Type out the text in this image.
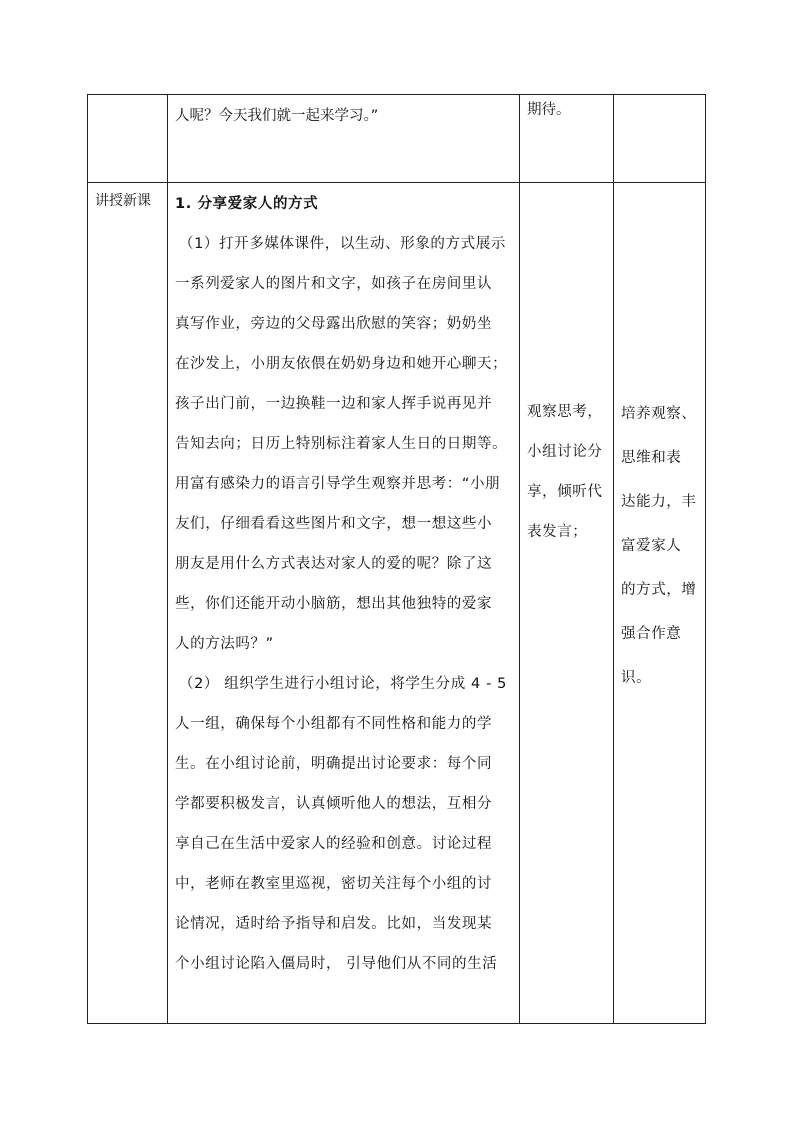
人呢？今天我们就一起来学习。”	期待。
讲授新课 1. 分享爱家人的方式
（1）打开多媒体课件，以生动、形象的方式展示
一系列爱家人的图片和文字，如孩子在房间里认
真写作业，旁边的父母露出欣慰的笑容；奶奶坐
在沙发上，小朋友依偎在奶奶身边和她开心聊天；
孩子出门前，一边换鞋一边和家人挥手说再见并
告知去向；日历上特别标注着家人生日的日期等。
用富有感染力的语言引导学生观察并思考：“小朋
友们，仔细看看这些图片和文字，想一想这些小
朋友是用什么方式表达对家人的爱的呢？除了这
些，你们还能开动小脑筋，想出其他独特的爱家
人的方法吗？”
（2） 组织学生进行小组讨论，将学生分成 4 - 5
人一组，确保每个小组都有不同性格和能力的学
生。在小组讨论前，明确提出讨论要求：每个同
学都要积极发言，认真倾听他人的想法，互相分
享自己在生活中爱家人的经验和创意。讨论过程
中，老师在教室里巡视，密切关注每个小组的讨
论情况，适时给予指导和启发。比如，当发现某
个小组讨论陷入僵局时， 引导他们从不同的生活
观察思考，
小组讨论分
享，倾听代
表发言；
培养观察、
思维和表
达能力，丰
富爱家人
的方式，增
强合作意
识。
